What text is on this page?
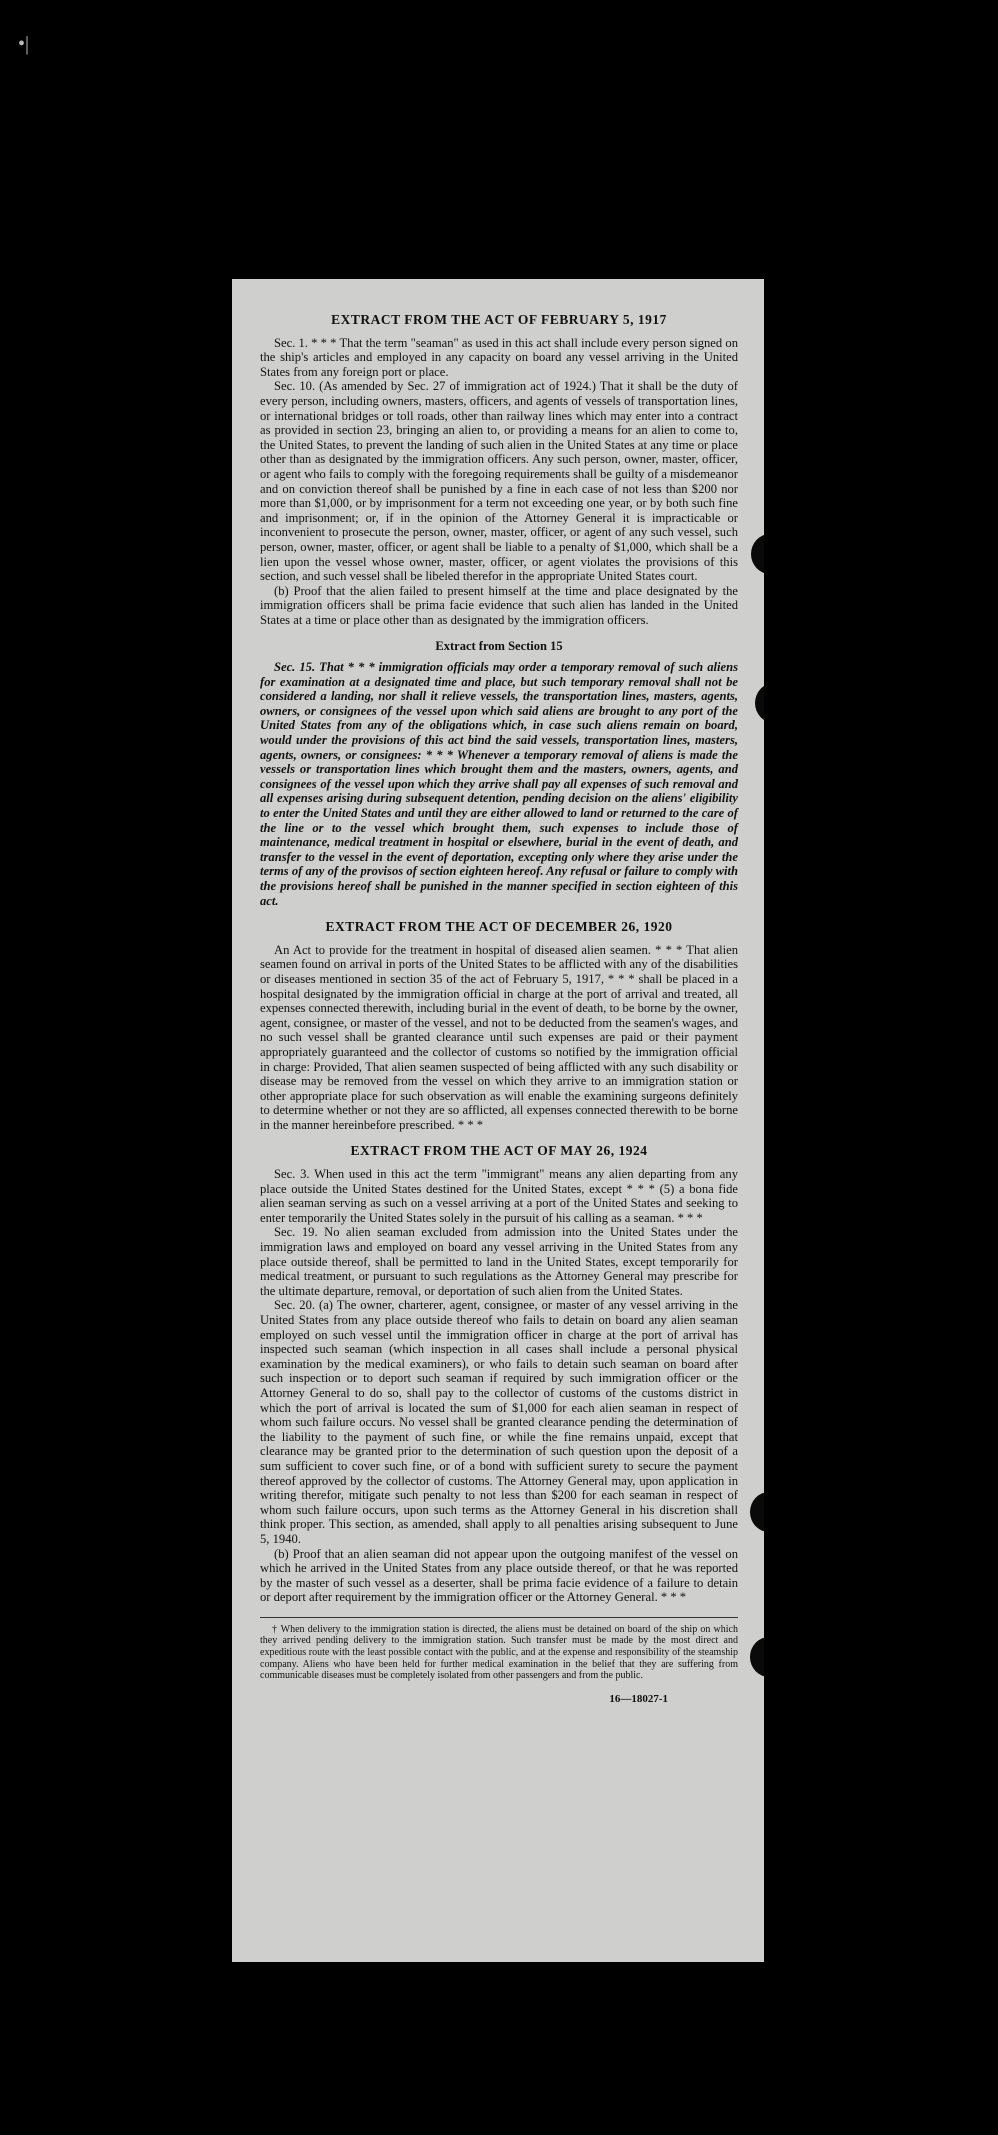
•|
EXTRACT FROM THE ACT OF FEBRUARY 5, 1917

Sec. 1. * * * That the term "seaman" as used in this act shall include every person signed on the ship's articles and employed in any capacity on board any vessel arriving in the United States from any foreign port or place.

Sec. 10. (As amended by Sec. 27 of immigration act of 1924.) That it shall be the duty of every person, including owners, masters, officers, and agents of vessels of transportation lines, or international bridges or toll roads, other than railway lines which may enter into a contract as provided in section 23, bringing an alien to, or providing a means for an alien to come to, the United States, to prevent the landing of such alien in the United States at any time or place other than as designated by the immigration officers. Any such person, owner, master, officer, or agent who fails to comply with the foregoing requirements shall be guilty of a misdemeanor and on conviction thereof shall be punished by a fine in each case of not less than $200 nor more than $1,000, or by imprisonment for a term not exceeding one year, or by both such fine and imprisonment; or, if in the opinion of the Attorney General it is impracticable or inconvenient to prosecute the person, owner, master, officer, or agent of any such vessel, such person, owner, master, officer, or agent shall be liable to a penalty of $1,000, which shall be a lien upon the vessel whose owner, master, officer, or agent violates the provisions of this section, and such vessel shall be libeled therefor in the appropriate United States court.

(b) Proof that the alien failed to present himself at the time and place designated by the immigration officers shall be prima facie evidence that such alien has landed in the United States at a time or place other than as designated by the immigration officers.

Extract from Section 15

Sec. 15. That * * * immigration officials may order a temporary removal of such aliens for examination at a designated time and place, but such temporary removal shall not be considered a landing, nor shall it relieve vessels, the transportation lines, masters, agents, owners, or consignees of the vessel upon which said aliens are brought to any port of the United States from any of the obligations which, in case such aliens remain on board, would under the provisions of this act bind the said vessels, transportation lines, masters, agents, owners, or consignees: * * * Whenever a temporary removal of aliens is made the vessels or transportation lines which brought them and the masters, owners, agents, and consignees of the vessel upon which they arrive shall pay all expenses of such removal and all expenses arising during subsequent detention, pending decision on the aliens' eligibility to enter the United States and until they are either allowed to land or returned to the care of the line or to the vessel which brought them, such expenses to include those of maintenance, medical treatment in hospital or elsewhere, burial in the event of death, and transfer to the vessel in the event of deportation, excepting only where they arise under the terms of any of the provisos of section eighteen hereof. Any refusal or failure to comply with the provisions hereof shall be punished in the manner specified in section eighteen of this act.

EXTRACT FROM THE ACT OF DECEMBER 26, 1920

An Act to provide for the treatment in hospital of diseased alien seamen. * * * That alien seamen found on arrival in ports of the United States to be afflicted with any of the disabilities or diseases mentioned in section 35 of the act of February 5, 1917, * * * shall be placed in a hospital designated by the immigration official in charge at the port of arrival and treated, all expenses connected therewith, including burial in the event of death, to be borne by the owner, agent, consignee, or master of the vessel, and not to be deducted from the seamen's wages, and no such vessel shall be granted clearance until such expenses are paid or their payment appropriately guaranteed and the collector of customs so notified by the immigration official in charge: Provided, That alien seamen suspected of being afflicted with any such disability or disease may be removed from the vessel on which they arrive to an immigration station or other appropriate place for such observation as will enable the examining surgeons definitely to determine whether or not they are so afflicted, all expenses connected therewith to be borne in the manner hereinbefore prescribed. * * *

EXTRACT FROM THE ACT OF MAY 26, 1924

Sec. 3. When used in this act the term "immigrant" means any alien departing from any place outside the United States destined for the United States, except * * * (5) a bona fide alien seaman serving as such on a vessel arriving at a port of the United States and seeking to enter temporarily the United States solely in the pursuit of his calling as a seaman. * * *

Sec. 19. No alien seaman excluded from admission into the United States under the immigration laws and employed on board any vessel arriving in the United States from any place outside thereof, shall be permitted to land in the United States, except temporarily for medical treatment, or pursuant to such regulations as the Attorney General may prescribe for the ultimate departure, removal, or deportation of such alien from the United States.

Sec. 20. (a) The owner, charterer, agent, consignee, or master of any vessel arriving in the United States from any place outside thereof who fails to detain on board any alien seaman employed on such vessel until the immigration officer in charge at the port of arrival has inspected such seaman (which inspection in all cases shall include a personal physical examination by the medical examiners), or who fails to detain such seaman on board after such inspection or to deport such seaman if required by such immigration officer or the Attorney General to do so, shall pay to the collector of customs of the customs district in which the port of arrival is located the sum of $1,000 for each alien seaman in respect of whom such failure occurs. No vessel shall be granted clearance pending the determination of the liability to the payment of such fine, or while the fine remains unpaid, except that clearance may be granted prior to the determination of such question upon the deposit of a sum sufficient to cover such fine, or of a bond with sufficient surety to secure the payment thereof approved by the collector of customs. The Attorney General may, upon application in writing therefor, mitigate such penalty to not less than $200 for each seaman in respect of whom such failure occurs, upon such terms as the Attorney General in his discretion shall think proper. This section, as amended, shall apply to all penalties arising subsequent to June 5, 1940.

(b) Proof that an alien seaman did not appear upon the outgoing manifest of the vessel on which he arrived in the United States from any place outside thereof, or that he was reported by the master of such vessel as a deserter, shall be prima facie evidence of a failure to detain or deport after requirement by the immigration officer or the Attorney General. * * *

† When delivery to the immigration station is directed, the aliens must be detained on board of the ship on which they arrived pending delivery to the immigration station. Such transfer must be made by the most direct and expeditious route with the least possible contact with the public, and at the expense and responsibility of the steamship company. Aliens who have been held for further medical examination in the belief that they are suffering from communicable diseases must be completely isolated from other passengers and from the public.

16—18027-1
